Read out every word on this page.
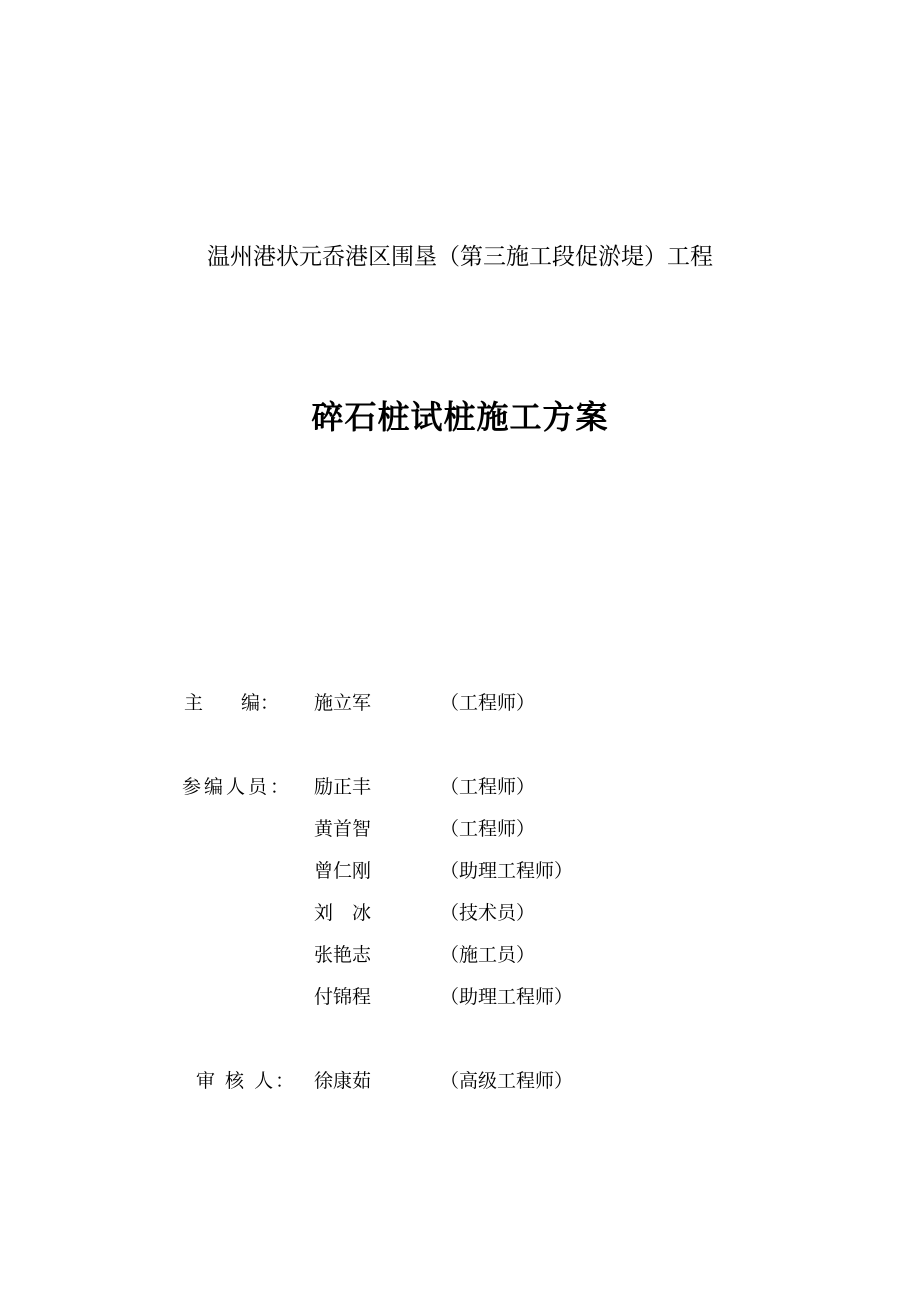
温州港状元岙港区围垦（第三施工段促淤堤）工程
碎石桩试桩施工方案
主　　编： 施立军	（工程师）
参编人员： 励正丰	（工程师）
黄首智	（工程师）
曾仁刚	（助理工程师）
刘　冰	（技术员）
张艳志	（施工员）
付锦程	（助理工程师）
审 核 人： 徐康茹	（高级工程师）
